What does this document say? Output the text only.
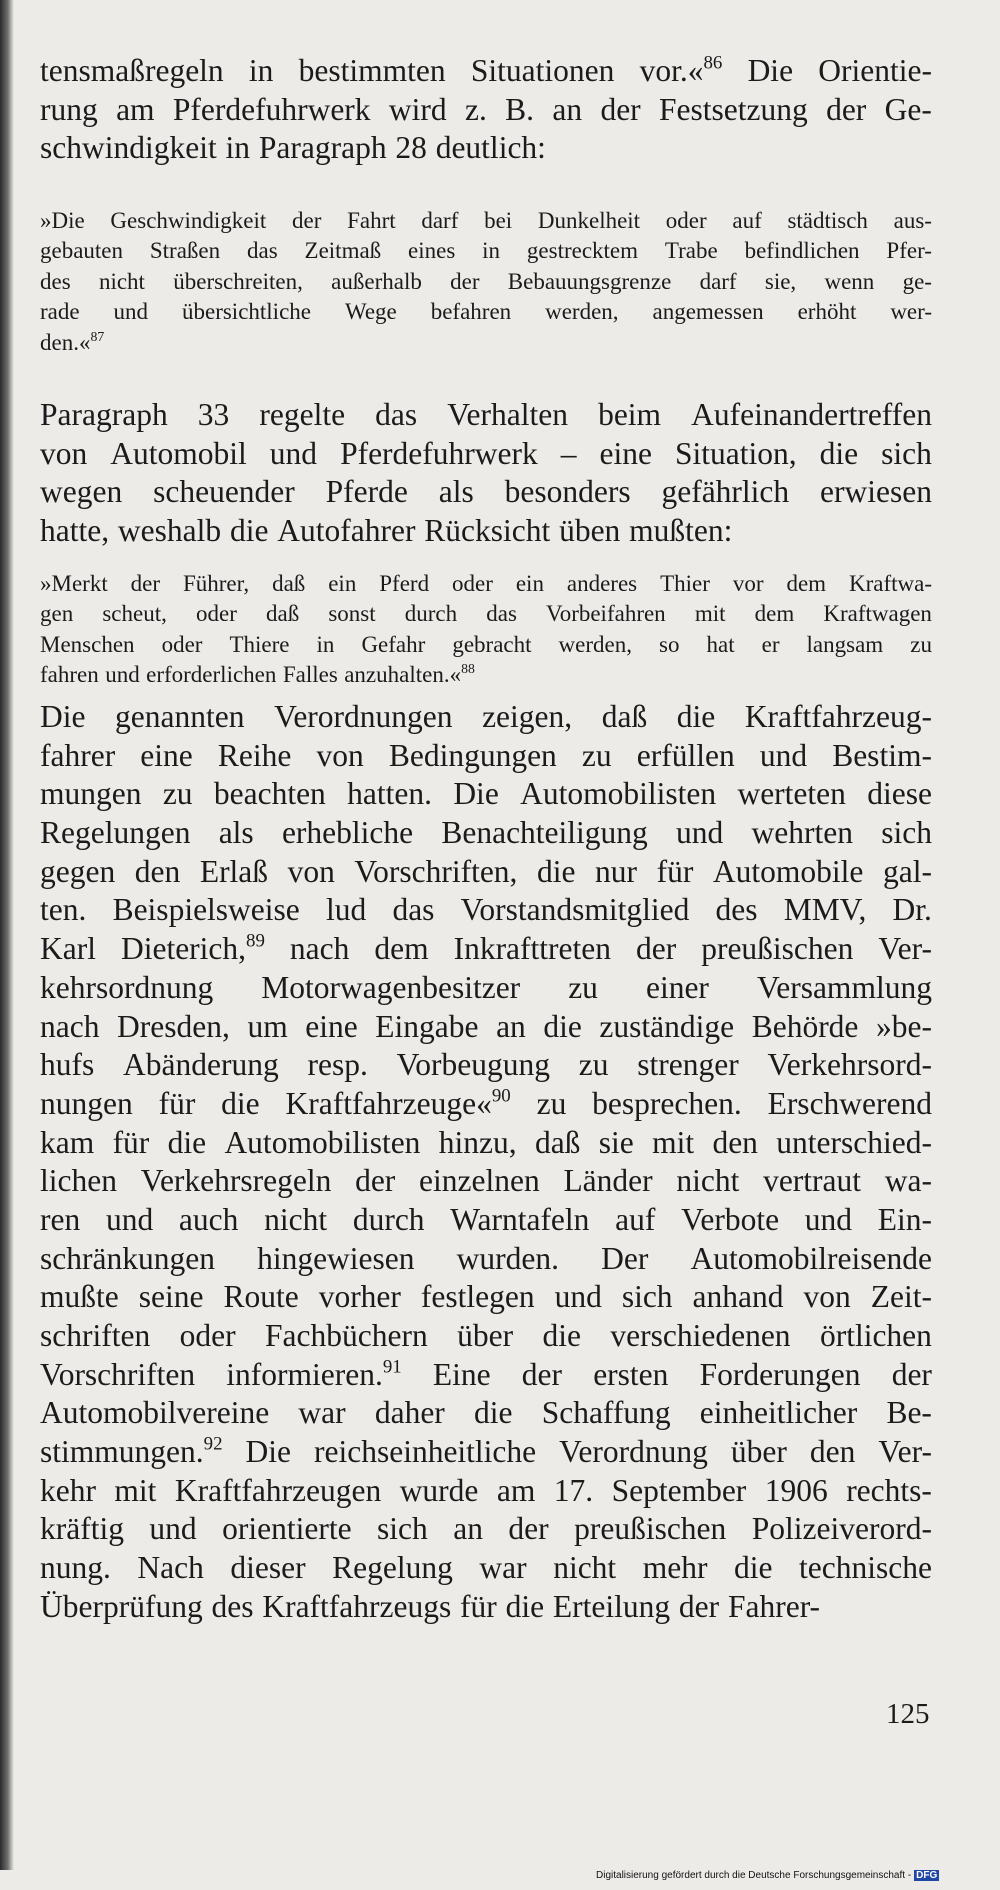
tensmaßregeln in bestimmten Situationen vor.«$^{86}$ Die Orientie-
rung am Pferdefuhrwerk wird z. B. an der Festsetzung der Ge-
schwindigkeit in Paragraph 28 deutlich:
»Die Geschwindigkeit der Fahrt darf bei Dunkelheit oder auf städtisch aus-
gebauten Straßen das Zeitmaß eines in gestrecktem Trabe befindlichen Pfer-
des nicht überschreiten, außerhalb der Bebauungsgrenze darf sie, wenn ge-
rade und übersichtliche Wege befahren werden, angemessen erhöht wer-
den.«$^{87}$
Paragraph 33 regelte das Verhalten beim Aufeinandertreffen
von Automobil und Pferdefuhrwerk – eine Situation, die sich
wegen scheuender Pferde als besonders gefährlich erwiesen
hatte, weshalb die Autofahrer Rücksicht üben mußten:
»Merkt der Führer, daß ein Pferd oder ein anderes Thier vor dem Kraftwa-
gen scheut, oder daß sonst durch das Vorbeifahren mit dem Kraftwagen
Menschen oder Thiere in Gefahr gebracht werden, so hat er langsam zu
fahren und erforderlichen Falles anzuhalten.«$^{88}$
Die genannten Verordnungen zeigen, daß die Kraftfahrzeug-
fahrer eine Reihe von Bedingungen zu erfüllen und Bestim-
mungen zu beachten hatten. Die Automobilisten werteten diese
Regelungen als erhebliche Benachteiligung und wehrten sich
gegen den Erlaß von Vorschriften, die nur für Automobile gal-
ten. Beispielsweise lud das Vorstandsmitglied des MMV, Dr.
Karl Dieterich,$^{89}$ nach dem Inkrafttreten der preußischen Ver-
kehrsordnung Motorwagenbesitzer zu einer Versammlung
nach Dresden, um eine Eingabe an die zuständige Behörde »be-
hufs Abänderung resp. Vorbeugung zu strenger Verkehrsord-
nungen für die Kraftfahrzeuge«$^{90}$ zu besprechen. Erschwerend
kam für die Automobilisten hinzu, daß sie mit den unterschied-
lichen Verkehrsregeln der einzelnen Länder nicht vertraut wa-
ren und auch nicht durch Warntafeln auf Verbote und Ein-
schränkungen hingewiesen wurden. Der Automobilreisende
mußte seine Route vorher festlegen und sich anhand von Zeit-
schriften oder Fachbüchern über die verschiedenen örtlichen
Vorschriften informieren.$^{91}$ Eine der ersten Forderungen der
Automobilvereine war daher die Schaffung einheitlicher Be-
stimmungen.$^{92}$ Die reichseinheitliche Verordnung über den Ver-
kehr mit Kraftfahrzeugen wurde am 17. September 1906 rechts-
kräftig und orientierte sich an der preußischen Polizeiverord-
nung. Nach dieser Regelung war nicht mehr die technische
Überprüfung des Kraftfahrzeugs für die Erteilung der Fahrer-
125
Digitalisierung gefördert durch die Deutsche Forschungsgemeinschaft - DFG
